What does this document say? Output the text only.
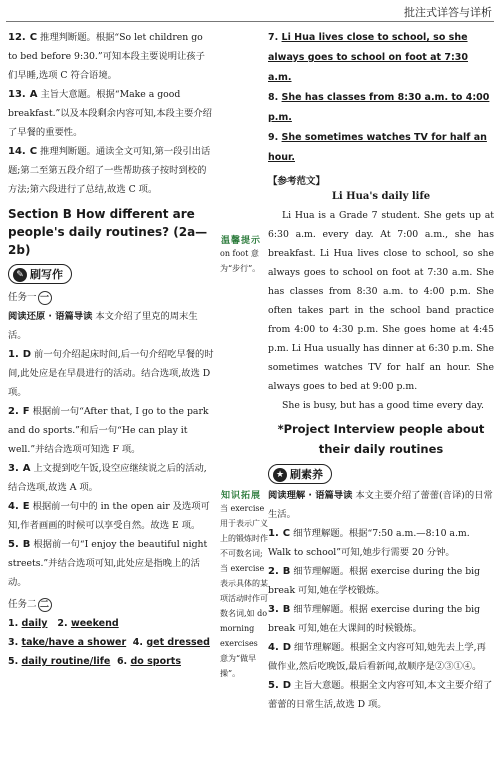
批注式详答与详析

12. C 推理判断题。根据“So let children go to bed before 9:30.”可知本段主要说明让孩子们早睡,选项 C 符合语境。

13. A 主旨大意题。根据“Make a good breakfast.”以及本段剩余内容可知,本段主要介绍了早餐的重要性。

14. C 推理判断题。通读全文可知,第一段引出话题;第二至第五段介绍了一些帮助孩子按时到校的方法;第六段进行了总结,故选 C 项。

Section B How different are people's daily routines? (2a—2b)
✎ 刷写作
任务一 一

阅读还原 · 语篇导读 本文介绍了里克的周末生活。

1. D 前一句介绍起床时间,后一句介绍吃早餐的时间,此处应是在早晨进行的活动。结合选项,故选 D 项。

2. F 根据前一句“After that, I go to the park and do sports.”和后一句“He can play it well.”并结合选项可知选 F 项。

3. A 上文提到吃午饭,设空应继续说之后的活动,结合选项,故选 A 项。

4. E 根据前一句中的 in the open air 及选项可知,作者画画的时候可以享受自然。故选 E 项。

5. B 根据前一句“I enjoy the beautiful night streets.”并结合选项可知,此处应是指晚上的活动。

任务二 二
1. daily 2. weekend
3. take/have a shower 4. get dressed
5. daily routine/life 6. do sports
温馨提示
on foot 意为“步行”。
知识拓展
当 exercise 用于表示广义上的锻炼时作不可数名词;当 exercise 表示具体的某项活动时作可数名词,如 do morning exercises 意为“做早操”。
7. Li Hua lives close to school, so she always goes to school on foot at 7:30 a.m.
8. She has classes from 8:30 a.m. to 4:00 p.m.
9. She sometimes watches TV for half an hour.
【参考范文】
Li Hua's daily life

Li Hua is a Grade 7 student. She gets up at 6:30 a.m. every day. At 7:00 a.m., she has breakfast. Li Hua lives close to school, so she always goes to school on foot at 7:30 a.m. She has classes from 8:30 a.m. to 4:00 p.m. She often takes part in the school band practice from 4:00 to 4:30 p.m. She goes home at 4:45 p.m. Li Hua usually has dinner at 6:30 p.m. She sometimes watches TV for half an hour. She always goes to bed at 9:00 p.m.

She is busy, but has a good time every day.

*Project Interview people about their daily routines
★ 刷素养

阅读理解 · 语篇导读 本文主要介绍了蕾蕾(音译)的日常生活。

1. C 细节理解题。根据“7:50 a.m.—8:10 a.m. Walk to school”可知,她步行需要 20 分钟。

2. B 细节理解题。根据 exercise during the big break 可知,她在学校锻炼。

3. B 细节理解题。根据 exercise during the big break 可知,她在大课间的时候锻炼。

4. D 细节理解题。根据全文内容可知,她先去上学,再做作业,然后吃晚饭,最后看新闻,故顺序是②③①④。

5. D 主旨大意题。根据全文内容可知,本文主要介绍了蕾蕾的日常生活,故选 D 项。
